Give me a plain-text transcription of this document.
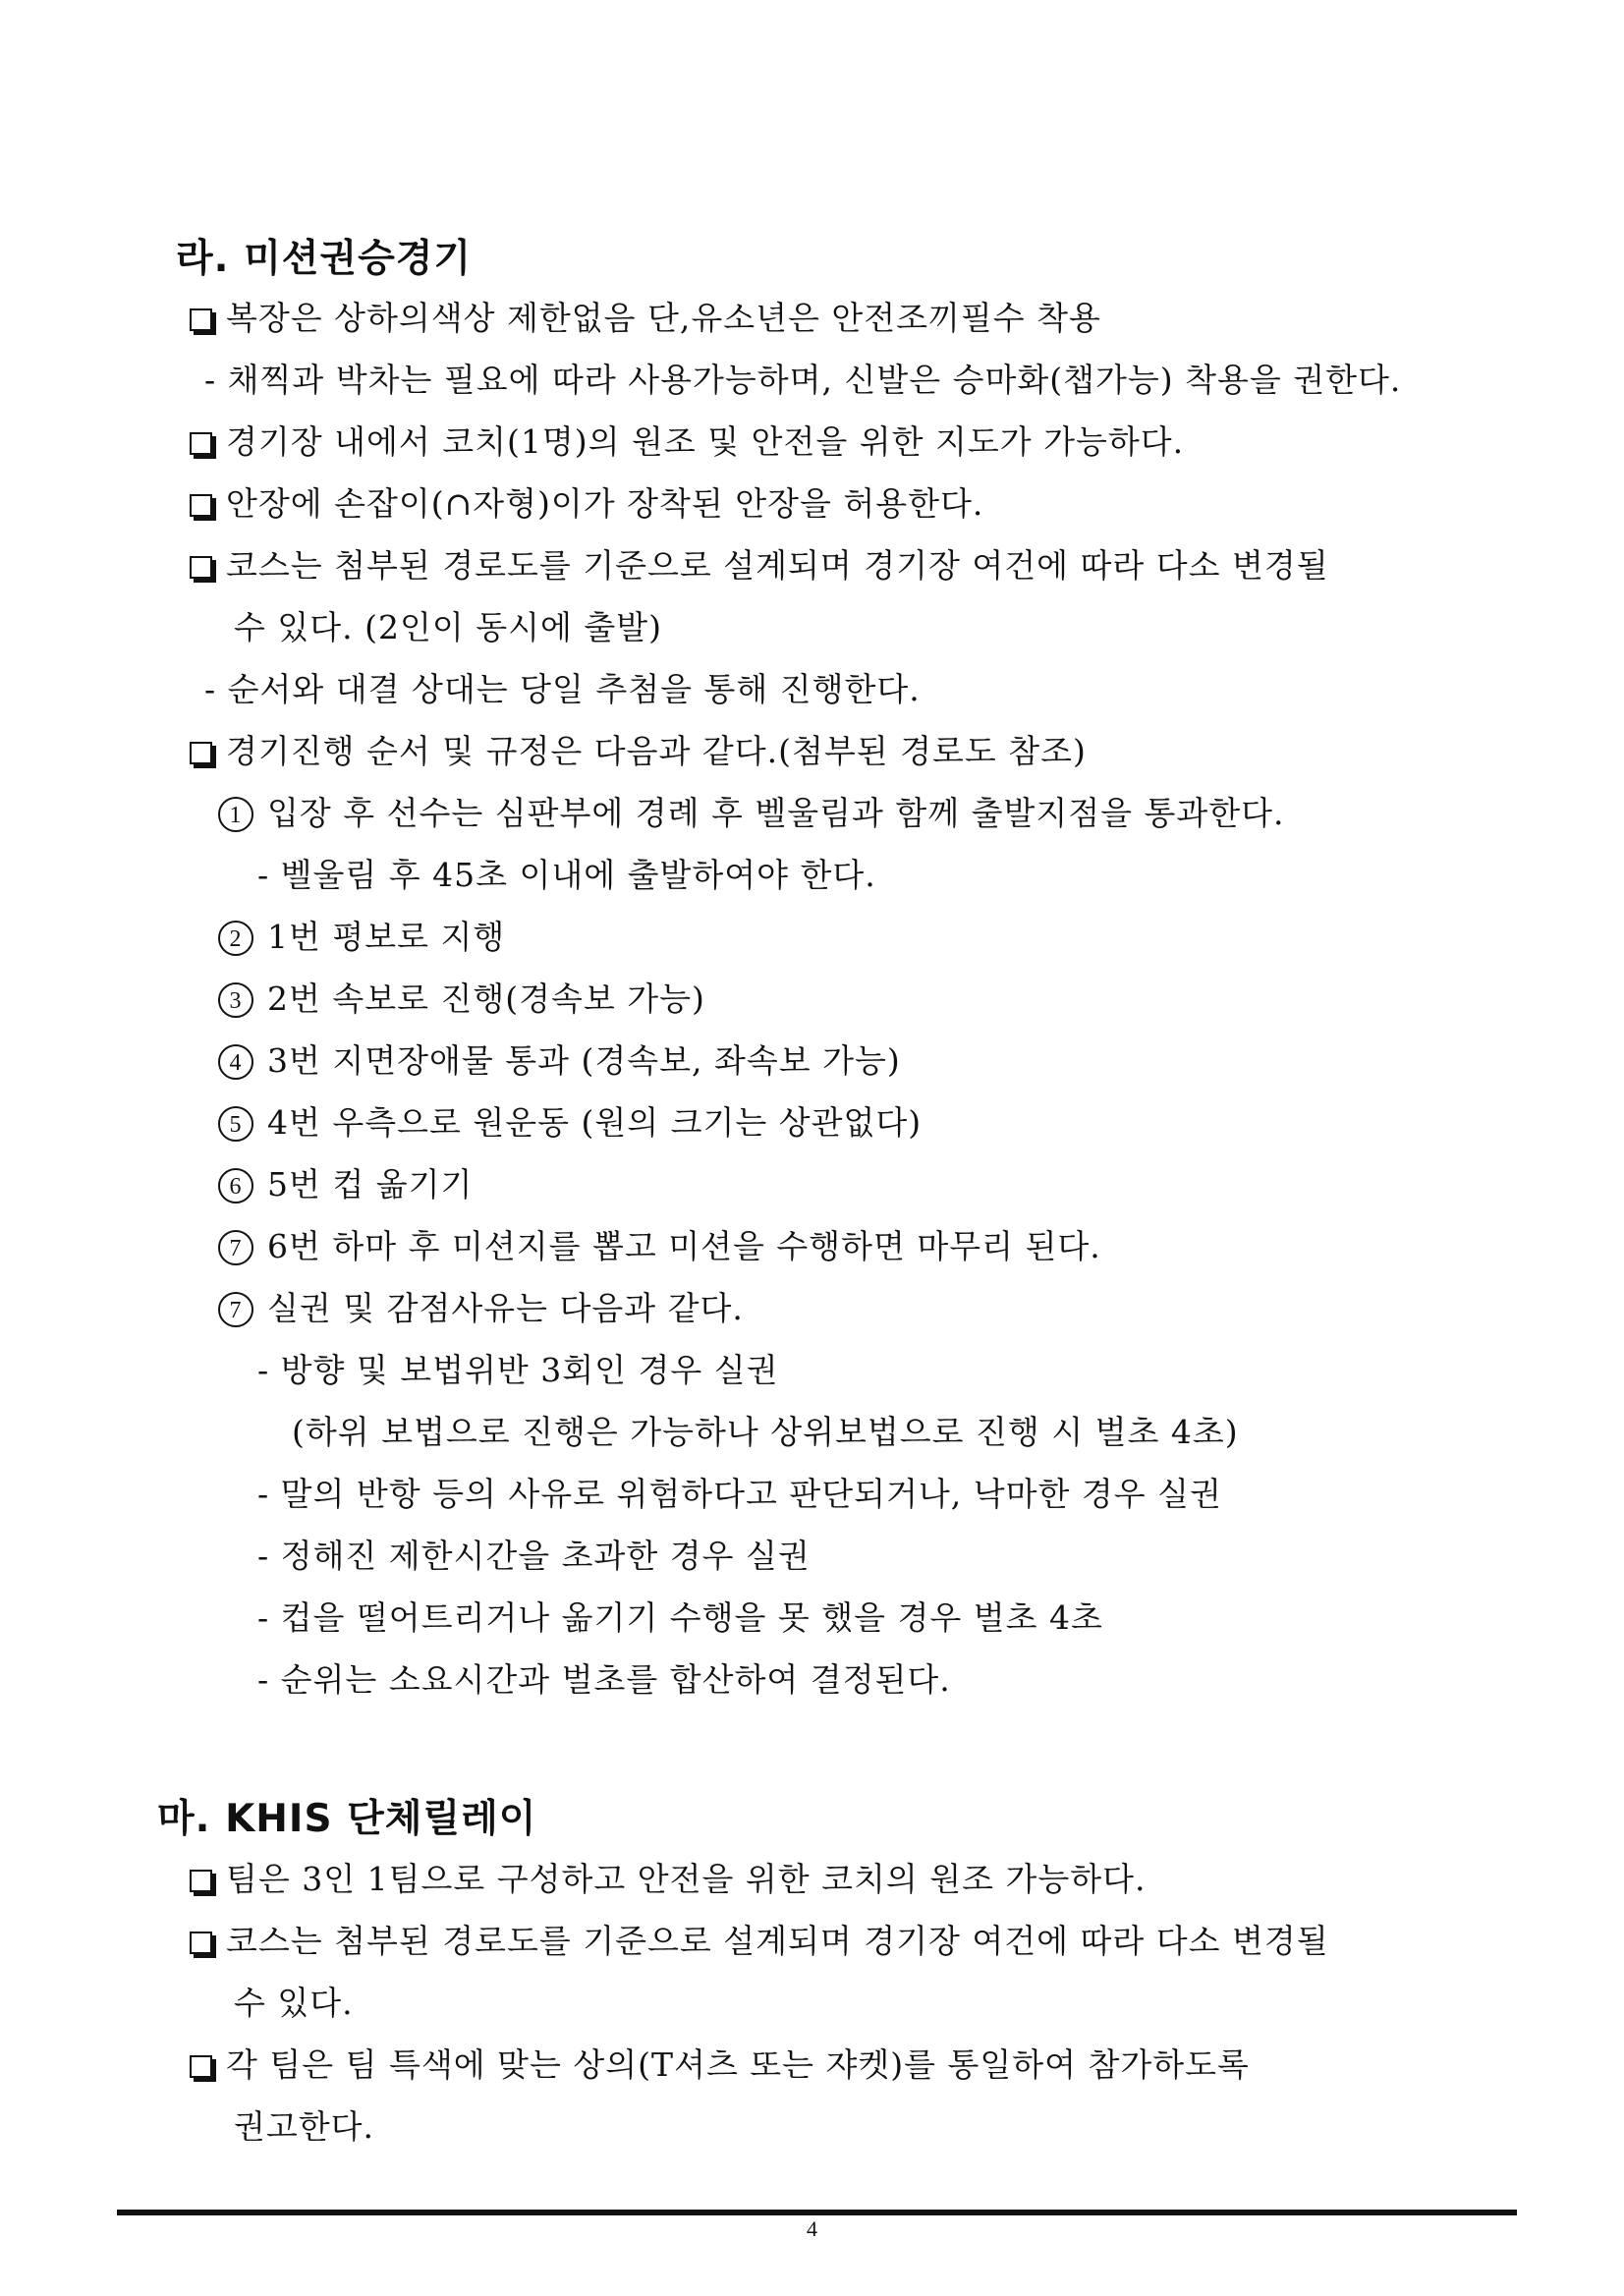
라. 미션권승경기
복장은 상하의색상 제한없음 단,유소년은 안전조끼필수 착용
- 채찍과 박차는 필요에 따라 사용가능하며, 신발은 승마화(챕가능) 착용을 권한다.
경기장 내에서 코치(1명)의 원조 및 안전을 위한 지도가 가능하다.
안장에 손잡이(∩자형)이가 장착된 안장을 허용한다.
코스는 첨부된 경로도를 기준으로 설계되며 경기장 여건에 따라 다소 변경될
수 있다. (2인이 동시에 출발)
- 순서와 대결 상대는 당일 추첨을 통해 진행한다.
경기진행 순서 및 규정은 다음과 같다.(첨부된 경로도 참조)
1 입장 후 선수는 심판부에 경례 후 벨울림과 함께 출발지점을 통과한다.
- 벨울림 후 45초 이내에 출발하여야 한다.
2 1번 평보로 지행
3 2번 속보로 진행(경속보 가능)
4 3번 지면장애물 통과 (경속보, 좌속보 가능)
5 4번 우측으로 원운동 (원의 크기는 상관없다)
6 5번 컵 옮기기
7 6번 하마 후 미션지를 뽑고 미션을 수행하면 마무리 된다.
7 실권 및 감점사유는 다음과 같다.
- 방향 및 보법위반 3회인 경우 실권
(하위 보법으로 진행은 가능하나 상위보법으로 진행 시 벌초 4초)
- 말의 반항 등의 사유로 위험하다고 판단되거나, 낙마한 경우 실권
- 정해진 제한시간을 초과한 경우 실권
- 컵을 떨어트리거나 옮기기 수행을 못 했을 경우 벌초 4초
- 순위는 소요시간과 벌초를 합산하여 결정된다.
마. KHIS 단체릴레이
팀은 3인 1팀으로 구성하고 안전을 위한 코치의 원조 가능하다.
코스는 첨부된 경로도를 기준으로 설계되며 경기장 여건에 따라 다소 변경될
수 있다.
각 팀은 팀 특색에 맞는 상의(T셔츠 또는 쟈켓)를 통일하여 참가하도록
권고한다.
4
